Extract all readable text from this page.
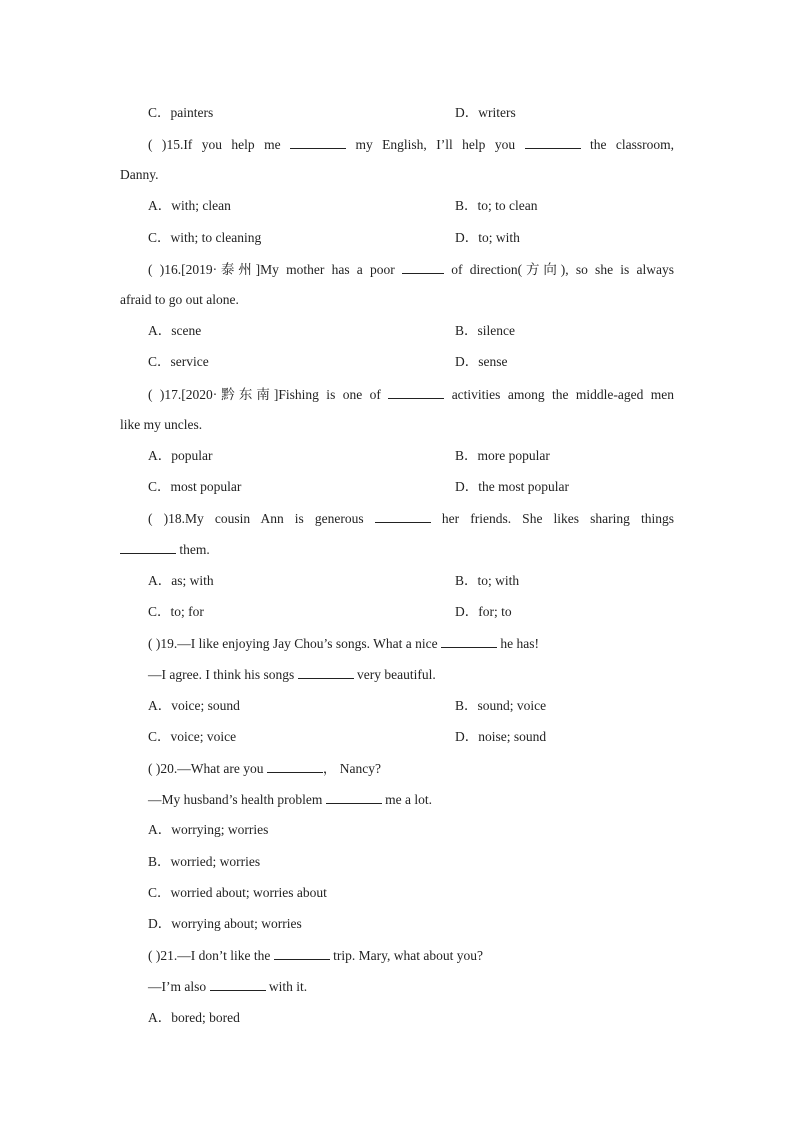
C．painters	D．writers
( )15.If you help me	my English, I’ll help you	the classroom,
Danny.
A．with; clean	B．to; to clean
C．with; to cleaning	D．to; with
( )16.[2019·泰州]My mother has a poor	of direction(方向), so she is always
afraid to go out alone.
A．scene	B．silence
C．service	D．sense
( )17.[2020·黔东南]Fishing is one of	activities among the middle-aged men
like my uncles.
A．popular	B．more popular
C．most popular	D．the most popular
( )18.My cousin Ann is generous	her friends. She likes sharing things
them.
A．as; with	B．to; with
C．to; for	D．for; to
( )19.—I like enjoying Jay Chou’s songs. What a nice	he has!
—I agree. I think his songs	very beautiful.
A．voice; sound	B．sound; voice
C．voice; voice	D．noise; sound
( )20.—What are you	， Nancy?
—My husband’s health problem	me a lot.
A．worrying; worries
B．worried; worries
C．worried about; worries about
D．worrying about; worries
( )21.—I don’t like the	trip. Mary, what about you?
—I’m also	with it.
A．bored; bored
